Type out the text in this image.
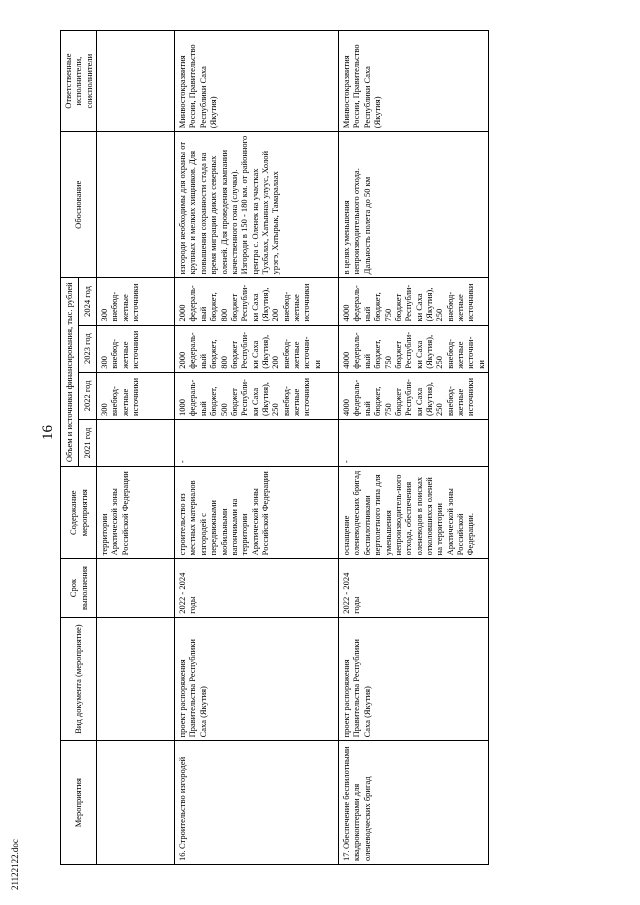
16
Мероприятия	Вид документа (мероприятие)	Срок выполнения	Содержание мероприятия	Объем и источники финансирования, тыс. рублей				Обоснование	Ответственные исполнители, соисполнители
				2021 год	2022 год	2023 год	2024 год		
			территории Арктической зоны Российской Федерации		300 внебюд-жетные источники	300 внебюд-жетные источники	300 внебюд-жетные источники		
16.Строительство изгородей	проект распоряжения Правительства Республики Саха (Якутия)	2022 - 2024 годы	строительство из местных материалов изгородей с передвижными мобильными вагончиками на территории Арктической зоны Российской Федерации	-	1000 федераль-ный бюджет, 500 бюджет Республи-ки Саха (Якутия), 250 внебюд-жетные источники	2000 федераль-ный бюджет, 800 бюджет Республи-ки Саха (Якутия), 200 внебюд-жетные источни-ки	2000 федераль-ный бюджет, 800 бюджет Республи-ки Саха (Якутия), 200 внебюд-жетные источники	изгороди необходимы для охраны от крупных и мелких хищников. Для повышения сохранности стада на время миграции диких северных оленей. Для проведения кампании качественного гона (случки). Изгороди в 150 - 180 км. от районного центра с. Оленек на участках Тухбалах, Хатыннах улуус, Холой урэгэ, Хатырык, Тамаралаах	Минвостокразвития России, Правительство Республики Саха (Якутия)
17.Обеспечение беспилотными квадрокоптерами для оленеводческих бригад	проект распоряжения Правительства Республики Саха (Якутия)	2022 - 2024 годы	оснащение оленеводческих бригад беспилотниками вертолетного типа для уменьшения непроизводитель-ного отхода, обеспечения оленеводов в поисках отколовшихся оленей на территории Арктической зоны Российской Федерации.	-	4000 федераль-ный бюджет, 750 бюджет Республи-ки Саха (Якутия), 250 внебюд-жетные источники	4000 федераль-ный бюджет, 750 бюджет Республи-ки Саха (Якутия), 250 внебюд-жетные источни-ки	4000 федераль-ный бюджет, 750 бюджет Республи-ки Саха (Якутия), 250 внебюд-жетные источники	в целях уменьшения непроизводительного отхода. Дальность полета до 50 км	Минвостокразвития России, Правительство Республики Саха (Якутия)
21122122.doc
